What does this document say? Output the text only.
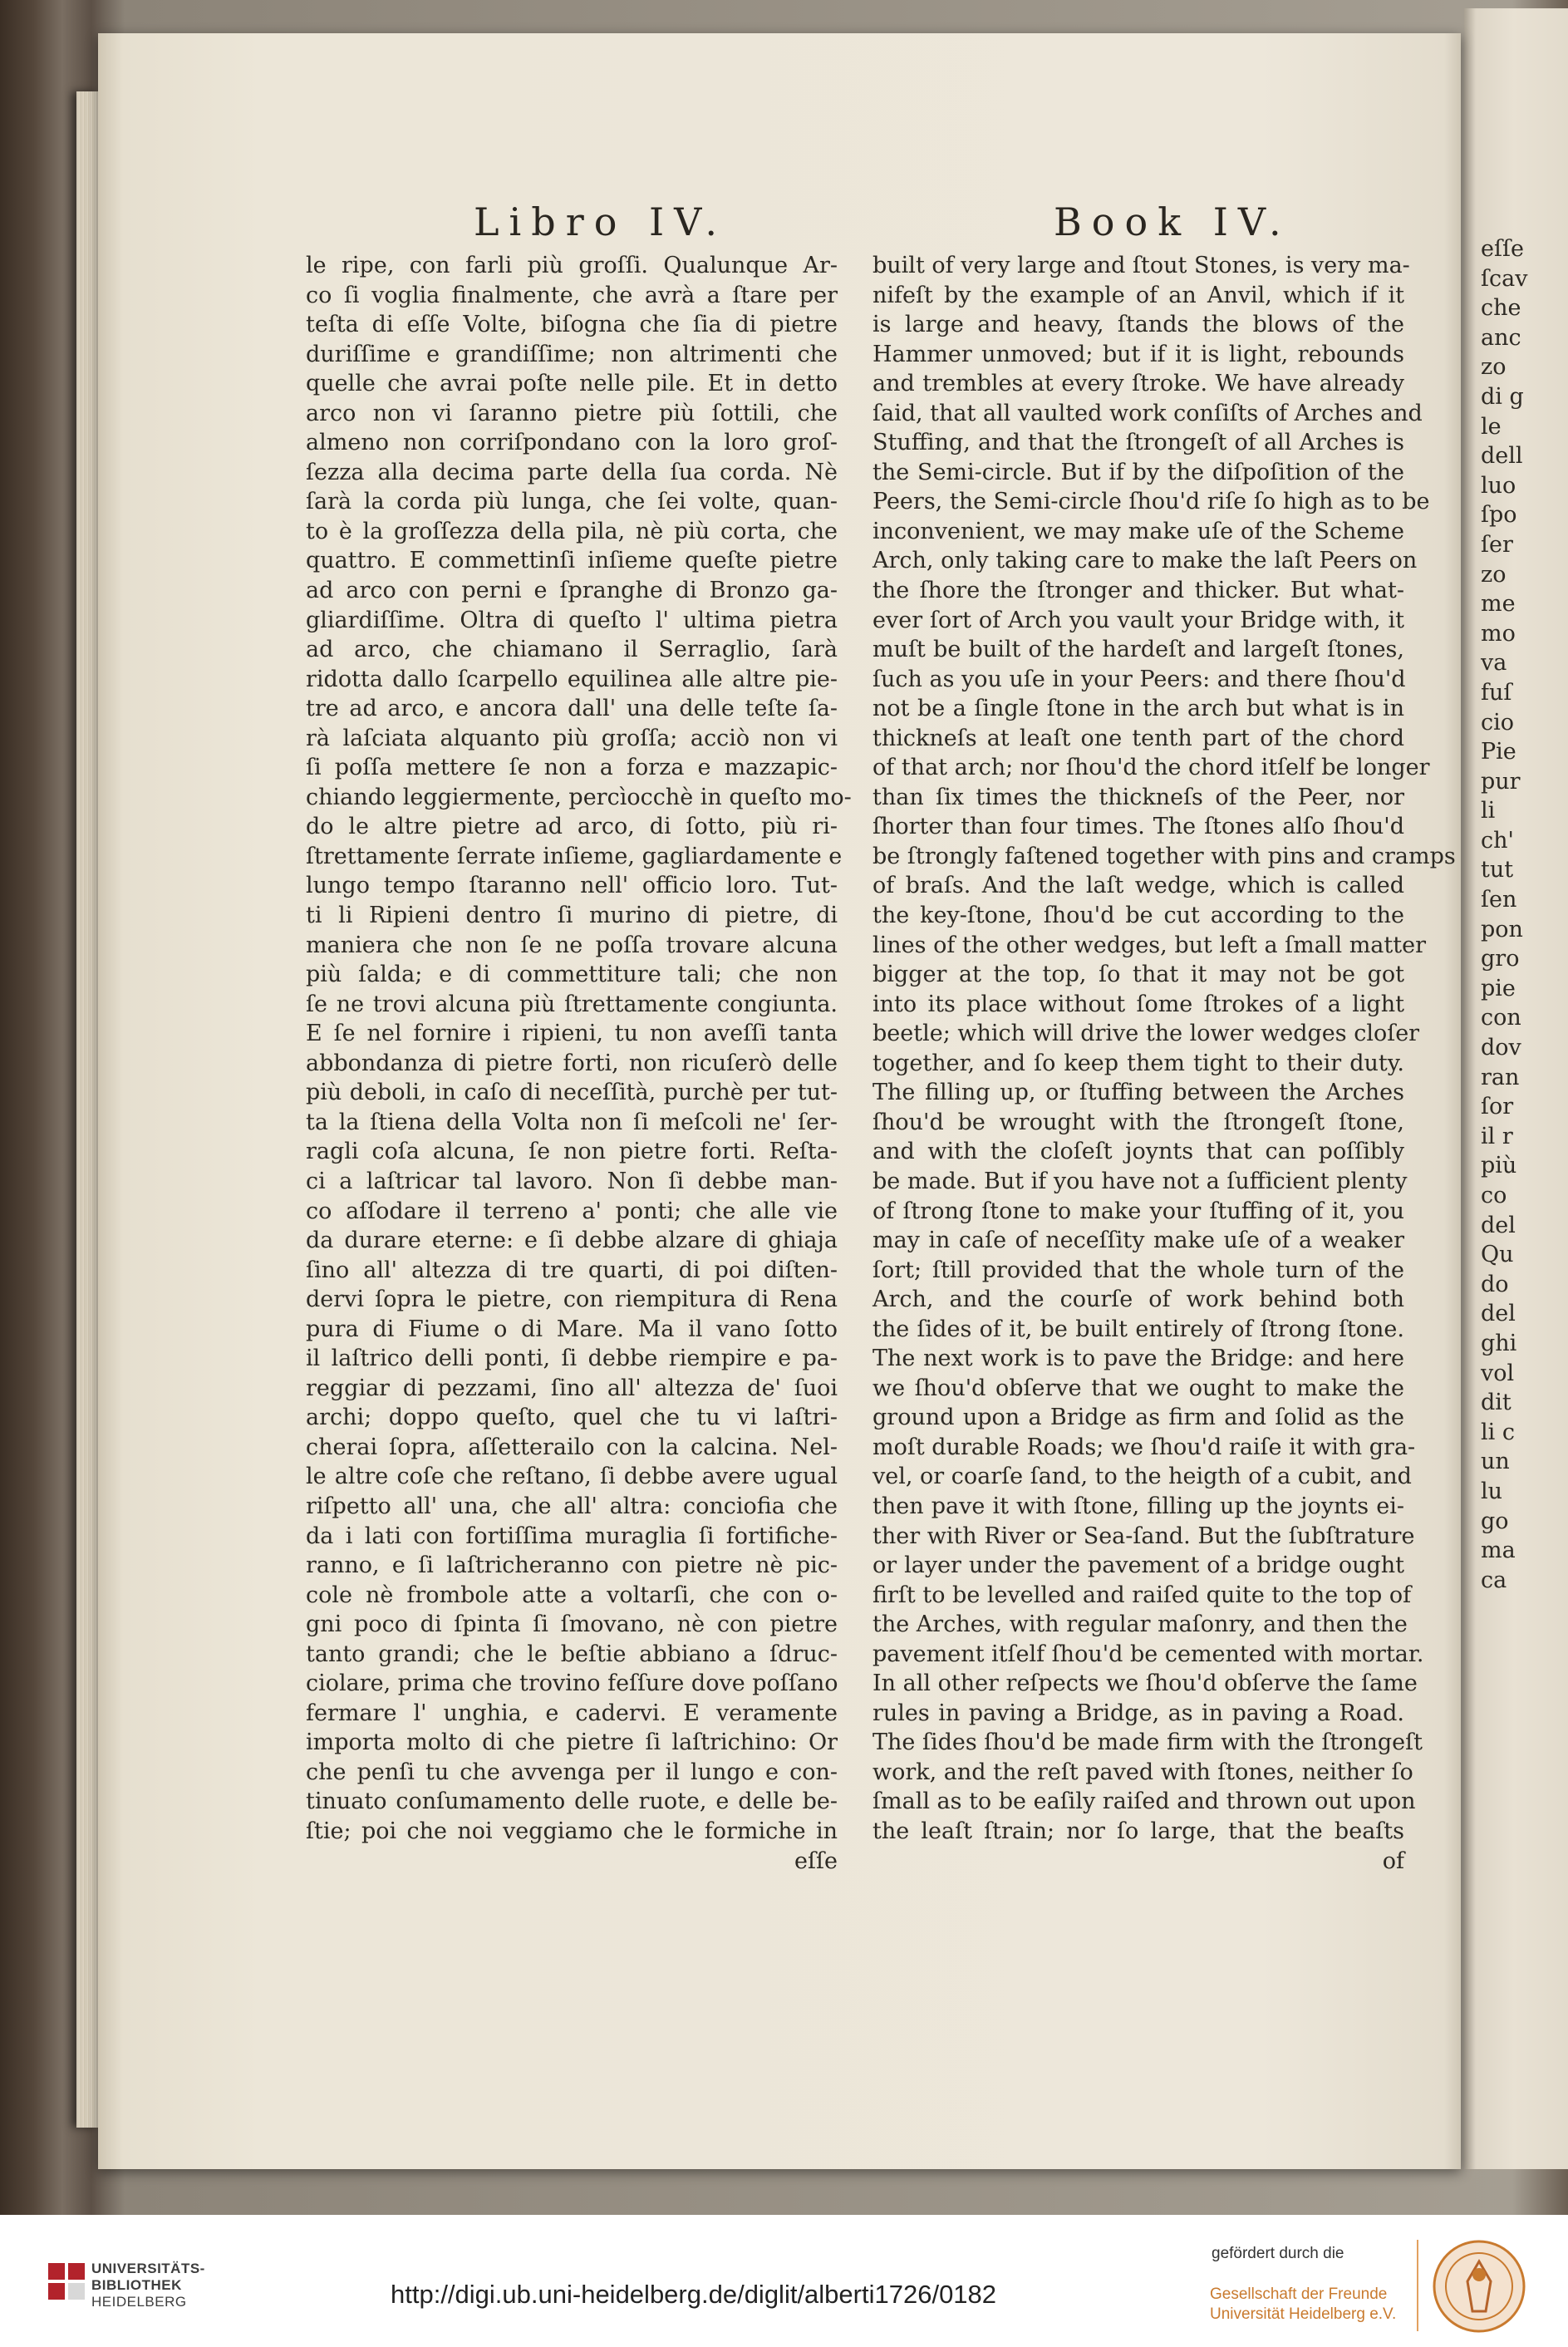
eſſe
ſcav
che
anc
zo
di g
le
dell
luo
ſpo
ſer
zo
me
mo
va
fuſ
cio
Pie
pur
li
ch'
tut
ſen
pon
gro
pie
con
dov
ran
ſor
il r
più
co
del
Qu
do
del
ghi
vol
dit
li c
un
lu
go
ma
ca
Libro IV.	Book IV.
le ripe, con farli più groſſi. Qualunque Ar-
co ſi voglia finalmente, che avrà a ſtare per
teſta di eſſe Volte, biſogna che ſia di pietre
duriſſime e grandiſſime; non altrimenti che
quelle che avrai poſte nelle pile. Et in detto
arco non vi ſaranno pietre più ſottili, che
almeno non corriſpondano con la loro groſ-
ſezza alla decima parte della ſua corda. Nè
ſarà la corda più lunga, che ſei volte, quan-
to è la groſſezza della pila, nè più corta, che
quattro. E commettinſi inſieme queſte pietre
ad arco con perni e ſpranghe di Bronzo ga-
gliardiſſime. Oltra di queſto l' ultima pietra
ad arco, che chiamano il Serraglio, ſarà
ridotta dallo ſcarpello equilinea alle altre pie-
tre ad arco, e ancora dall' una delle teſte ſa-
rà laſciata alquanto più groſſa; acciò non vi
ſi poſſa mettere ſe non a forza e mazzapic-
chiando leggiermente, percìocchè in queſto mo-
do le altre pietre ad arco, di ſotto, più ri-
ſtrettamente ſerrate inſieme, gagliardamente e
lungo tempo ſtaranno nell' officio loro. Tut-
ti li Ripieni dentro ſi murino di pietre, di
maniera che non ſe ne poſſa trovare alcuna
più ſalda; e di commettiture tali; che non
ſe ne trovi alcuna più ſtrettamente congiunta.
E ſe nel fornire i ripieni, tu non aveſſi tanta
abbondanza di pietre forti, non ricuſerò delle
più deboli, in caſo di neceſſità, purchè per tut-
ta la ſtiena della Volta non ſi meſcoli ne' ſer-
ragli coſa alcuna, ſe non pietre forti. Reſta-
ci a laſtricar tal lavoro. Non ſi debbe man-
co aſſodare il terreno a' ponti; che alle vie
da durare eterne: e ſi debbe alzare di ghiaja
ſino all' altezza di tre quarti, di poi diſten-
dervi ſopra le pietre, con riempitura di Rena
pura di Fiume o di Mare. Ma il vano ſotto
il laſtrico delli ponti, ſi debbe riempire e pa-
reggiar di pezzami, ſino all' altezza de' ſuoi
archi; doppo queſto, quel che tu vi laſtri-
cherai ſopra, aſſetterailo con la calcina. Nel-
le altre coſe che reſtano, ſi debbe avere ugual
riſpetto all' una, che all' altra: conciofia che
da i lati con fortiſſima muraglia ſi fortifiche-
ranno, e ſi laſtricheranno con pietre nè pic-
cole nè frombole atte a voltarſi, che con o-
gni poco di ſpinta ſi ſmovano, nè con pietre
tanto grandi; che le beſtie abbiano a ſdruc-
ciolare, prima che trovino feſſure dove poſſano
fermare l' unghia, e cadervi. E veramente
importa molto di che pietre ſi laſtrichino: Or
che penſi tu che avvenga per il lungo e con-
tinuato conſumamento delle ruote, e delle be-
ſtie; poi che noi veggiamo che le formiche in
eſſe
built of very large and ſtout Stones, is very ma-
nifeſt by the example of an Anvil, which if it
is large and heavy, ſtands the blows of the
Hammer unmoved; but if it is light, rebounds
and trembles at every ſtroke. We have already
ſaid, that all vaulted work conſiſts of Arches and
Stuffing, and that the ſtrongeſt of all Arches is
the Semi-circle. But if by the diſpoſition of the
Peers, the Semi-circle ſhou'd riſe ſo high as to be
inconvenient, we may make uſe of the Scheme
Arch, only taking care to make the laſt Peers on
the ſhore the ſtronger and thicker. But what-
ever ſort of Arch you vault your Bridge with, it
muſt be built of the hardeſt and largeſt ſtones,
ſuch as you uſe in your Peers: and there ſhou'd
not be a ſingle ſtone in the arch but what is in
thickneſs at leaſt one tenth part of the chord
of that arch; nor ſhou'd the chord itſelf be longer
than ſix times the thickneſs of the Peer, nor
ſhorter than four times. The ſtones alſo ſhou'd
be ſtrongly faſtened together with pins and cramps
of braſs. And the laſt wedge, which is called
the key-ſtone, ſhou'd be cut according to the
lines of the other wedges, but left a ſmall matter
bigger at the top, ſo that it may not be got
into its place without ſome ſtrokes of a light
beetle; which will drive the lower wedges cloſer
together, and ſo keep them tight to their duty.
The filling up, or ſtuffing between the Arches
ſhou'd be wrought with the ſtrongeſt ſtone,
and with the cloſeſt joynts that can poſſibly
be made. But if you have not a ſufficient plenty
of ſtrong ſtone to make your ſtuffing of it, you
may in caſe of neceſſity make uſe of a weaker
ſort; ſtill provided that the whole turn of the
Arch, and the courſe of work behind both
the ſides of it, be built entirely of ſtrong ſtone.
The next work is to pave the Bridge: and here
we ſhou'd obſerve that we ought to make the
ground upon a Bridge as firm and ſolid as the
moſt durable Roads; we ſhou'd raiſe it with gra-
vel, or coarſe ſand, to the heigth of a cubit, and
then pave it with ſtone, filling up the joynts ei-
ther with River or Sea-ſand. But the ſubſtrature
or layer under the pavement of a bridge ought
firſt to be levelled and raiſed quite to the top of
the Arches, with regular maſonry, and then the
pavement itſelf ſhou'd be cemented with mortar.
In all other reſpects we ſhou'd obſerve the ſame
rules in paving a Bridge, as in paving a Road.
The ſides ſhou'd be made firm with the ſtrongeſt
work, and the reſt paved with ſtones, neither ſo
ſmall as to be eaſily raiſed and thrown out upon
the leaſt ſtrain; nor ſo large, that the beaſts
of
UNIVERSITÄTS-
BIBLIOTHEK
HEIDELBERG	http://digi.ub.uni-heidelberg.de/diglit/alberti1726/0182
gefördert durch die
Gesellschaft der Freunde
Universität Heidelberg e.V.
